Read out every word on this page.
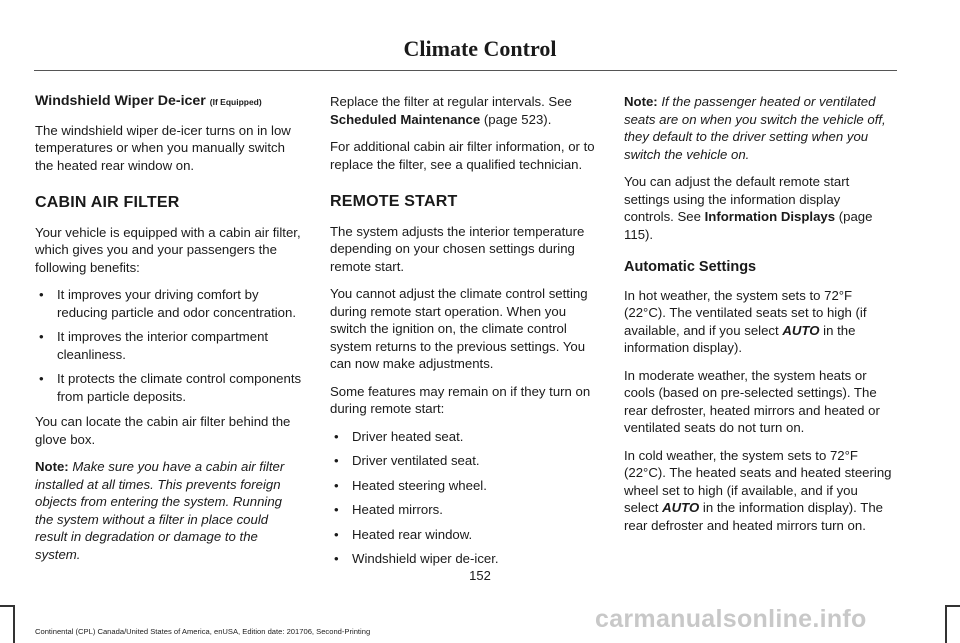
Climate Control
Windshield Wiper De-icer (If Equipped)

The windshield wiper de-icer turns on in low temperatures or when you manually switch the heated rear window on.

CABIN AIR FILTER

Your vehicle is equipped with a cabin air filter, which gives you and your passengers the following benefits:

• It improves your driving comfort by reducing particle and odor concentration.
• It improves the interior compartment cleanliness.
• It protects the climate control components from particle deposits.

You can locate the cabin air filter behind the glove box.

Note: Make sure you have a cabin air filter installed at all times. This prevents foreign objects from entering the system. Running the system without a filter in place could result in degradation or damage to the system.

Replace the filter at regular intervals. See Scheduled Maintenance (page 523).

For additional cabin air filter information, or to replace the filter, see a qualified technician.

REMOTE START

The system adjusts the interior temperature depending on your chosen settings during remote start.

You cannot adjust the climate control setting during remote start operation. When you switch the ignition on, the climate control system returns to the previous settings. You can now make adjustments.

Some features may remain on if they turn on during remote start:

• Driver heated seat.
• Driver ventilated seat.
• Heated steering wheel.
• Heated mirrors.
• Heated rear window.
• Windshield wiper de-icer.

Note: If the passenger heated or ventilated seats are on when you switch the vehicle off, they default to the driver setting when you switch the vehicle on.

You can adjust the default remote start settings using the information display controls. See Information Displays (page 115).

Automatic Settings

In hot weather, the system sets to 72°F (22°C). The ventilated seats set to high (if available, and if you select AUTO in the information display).

In moderate weather, the system heats or cools (based on pre-selected settings). The rear defroster, heated mirrors and heated or ventilated seats do not turn on.

In cold weather, the system sets to 72°F (22°C). The heated seats and heated steering wheel set to high (if available, and if you select AUTO in the information display). The rear defroster and heated mirrors turn on.

152
Continental (CPL) Canada/United States of America, enUSA, Edition date: 201706, Second-Printing	carmanualsonline.info
